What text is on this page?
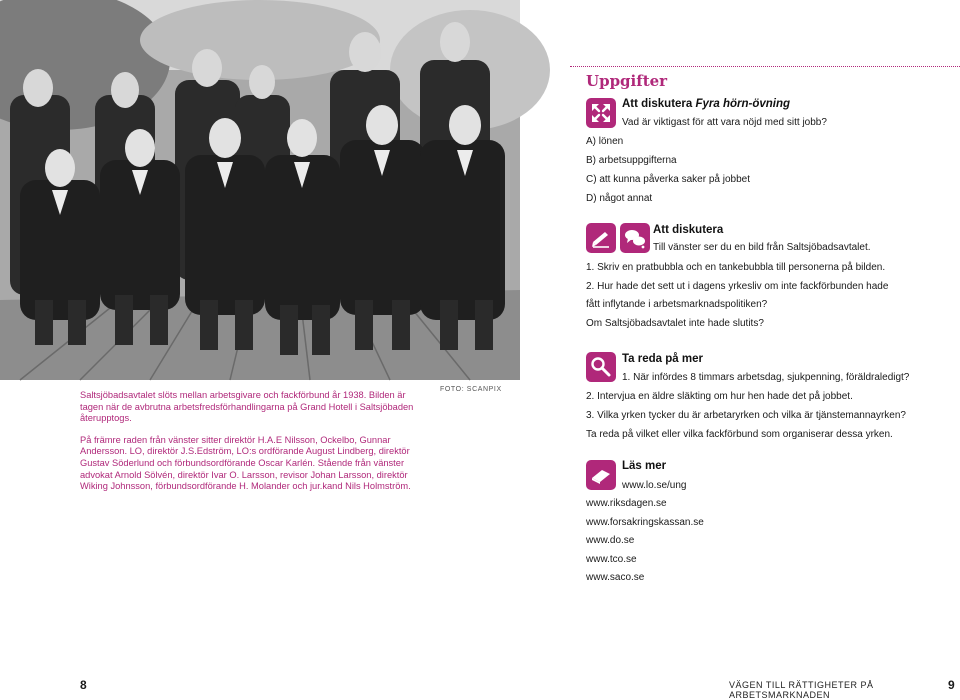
FOTO: SCANPIX

Saltsjöbadsavtalet slöts mellan arbetsgivare och fackförbund år 1938. Bilden är tagen när de avbrutna arbetsfredsförhandlingarna på Grand Hotell i Saltsjöbaden återupptogs.

På främre raden från vänster sitter direktör H.A.E Nilsson, Ockelbo, Gunnar Andersson. LO, direktör J.S.Edström, LO:s ordförande August Lindberg, direktör Gustav Söderlund och förbundsordförande Oscar Karlén. Stående från vänster advokat Arnold Sölvén, direktör Ivar O. Larsson, revisor Johan Larsson, direktör Wiking Johnsson, förbundsordförande H. Molander och jur.kand Nils Holmström.

Uppgifter
Att diskutera Fyra hörn-övning
Vad är viktigast för att vara nöjd med sitt jobb?
A) lönen
B) arbetsuppgifterna
C) att kunna påverka saker på jobbet
D) något annat
Att diskutera
Till vänster ser du en bild från Saltsjöbadsavtalet.
1. Skriv en pratbubbla och en tankebubbla till personerna på bilden.
2. Hur hade det sett ut i dagens yrkesliv om inte fackförbunden hade
fått inflytande i arbetsmarknadspolitiken?
Om Saltsjöbadsavtalet inte hade slutits?
Ta reda på mer
1. När infördes 8 timmars arbetsdag, sjukpenning, föräldraledigt?
2. Intervjua en äldre släkting om hur hen hade det på jobbet.
3. Vilka yrken tycker du är arbetaryrken och vilka är tjänstemannayrken?
Ta reda på vilket eller vilka fackförbund som organiserar dessa yrken.
Läs mer
www.lo.se/ung
www.riksdagen.se
www.forsakringskassan.se
www.do.se
www.tco.se
www.saco.se
8	VÄGEN TILL RÄTTIGHETER PÅ ARBETSMARKNADEN
9
